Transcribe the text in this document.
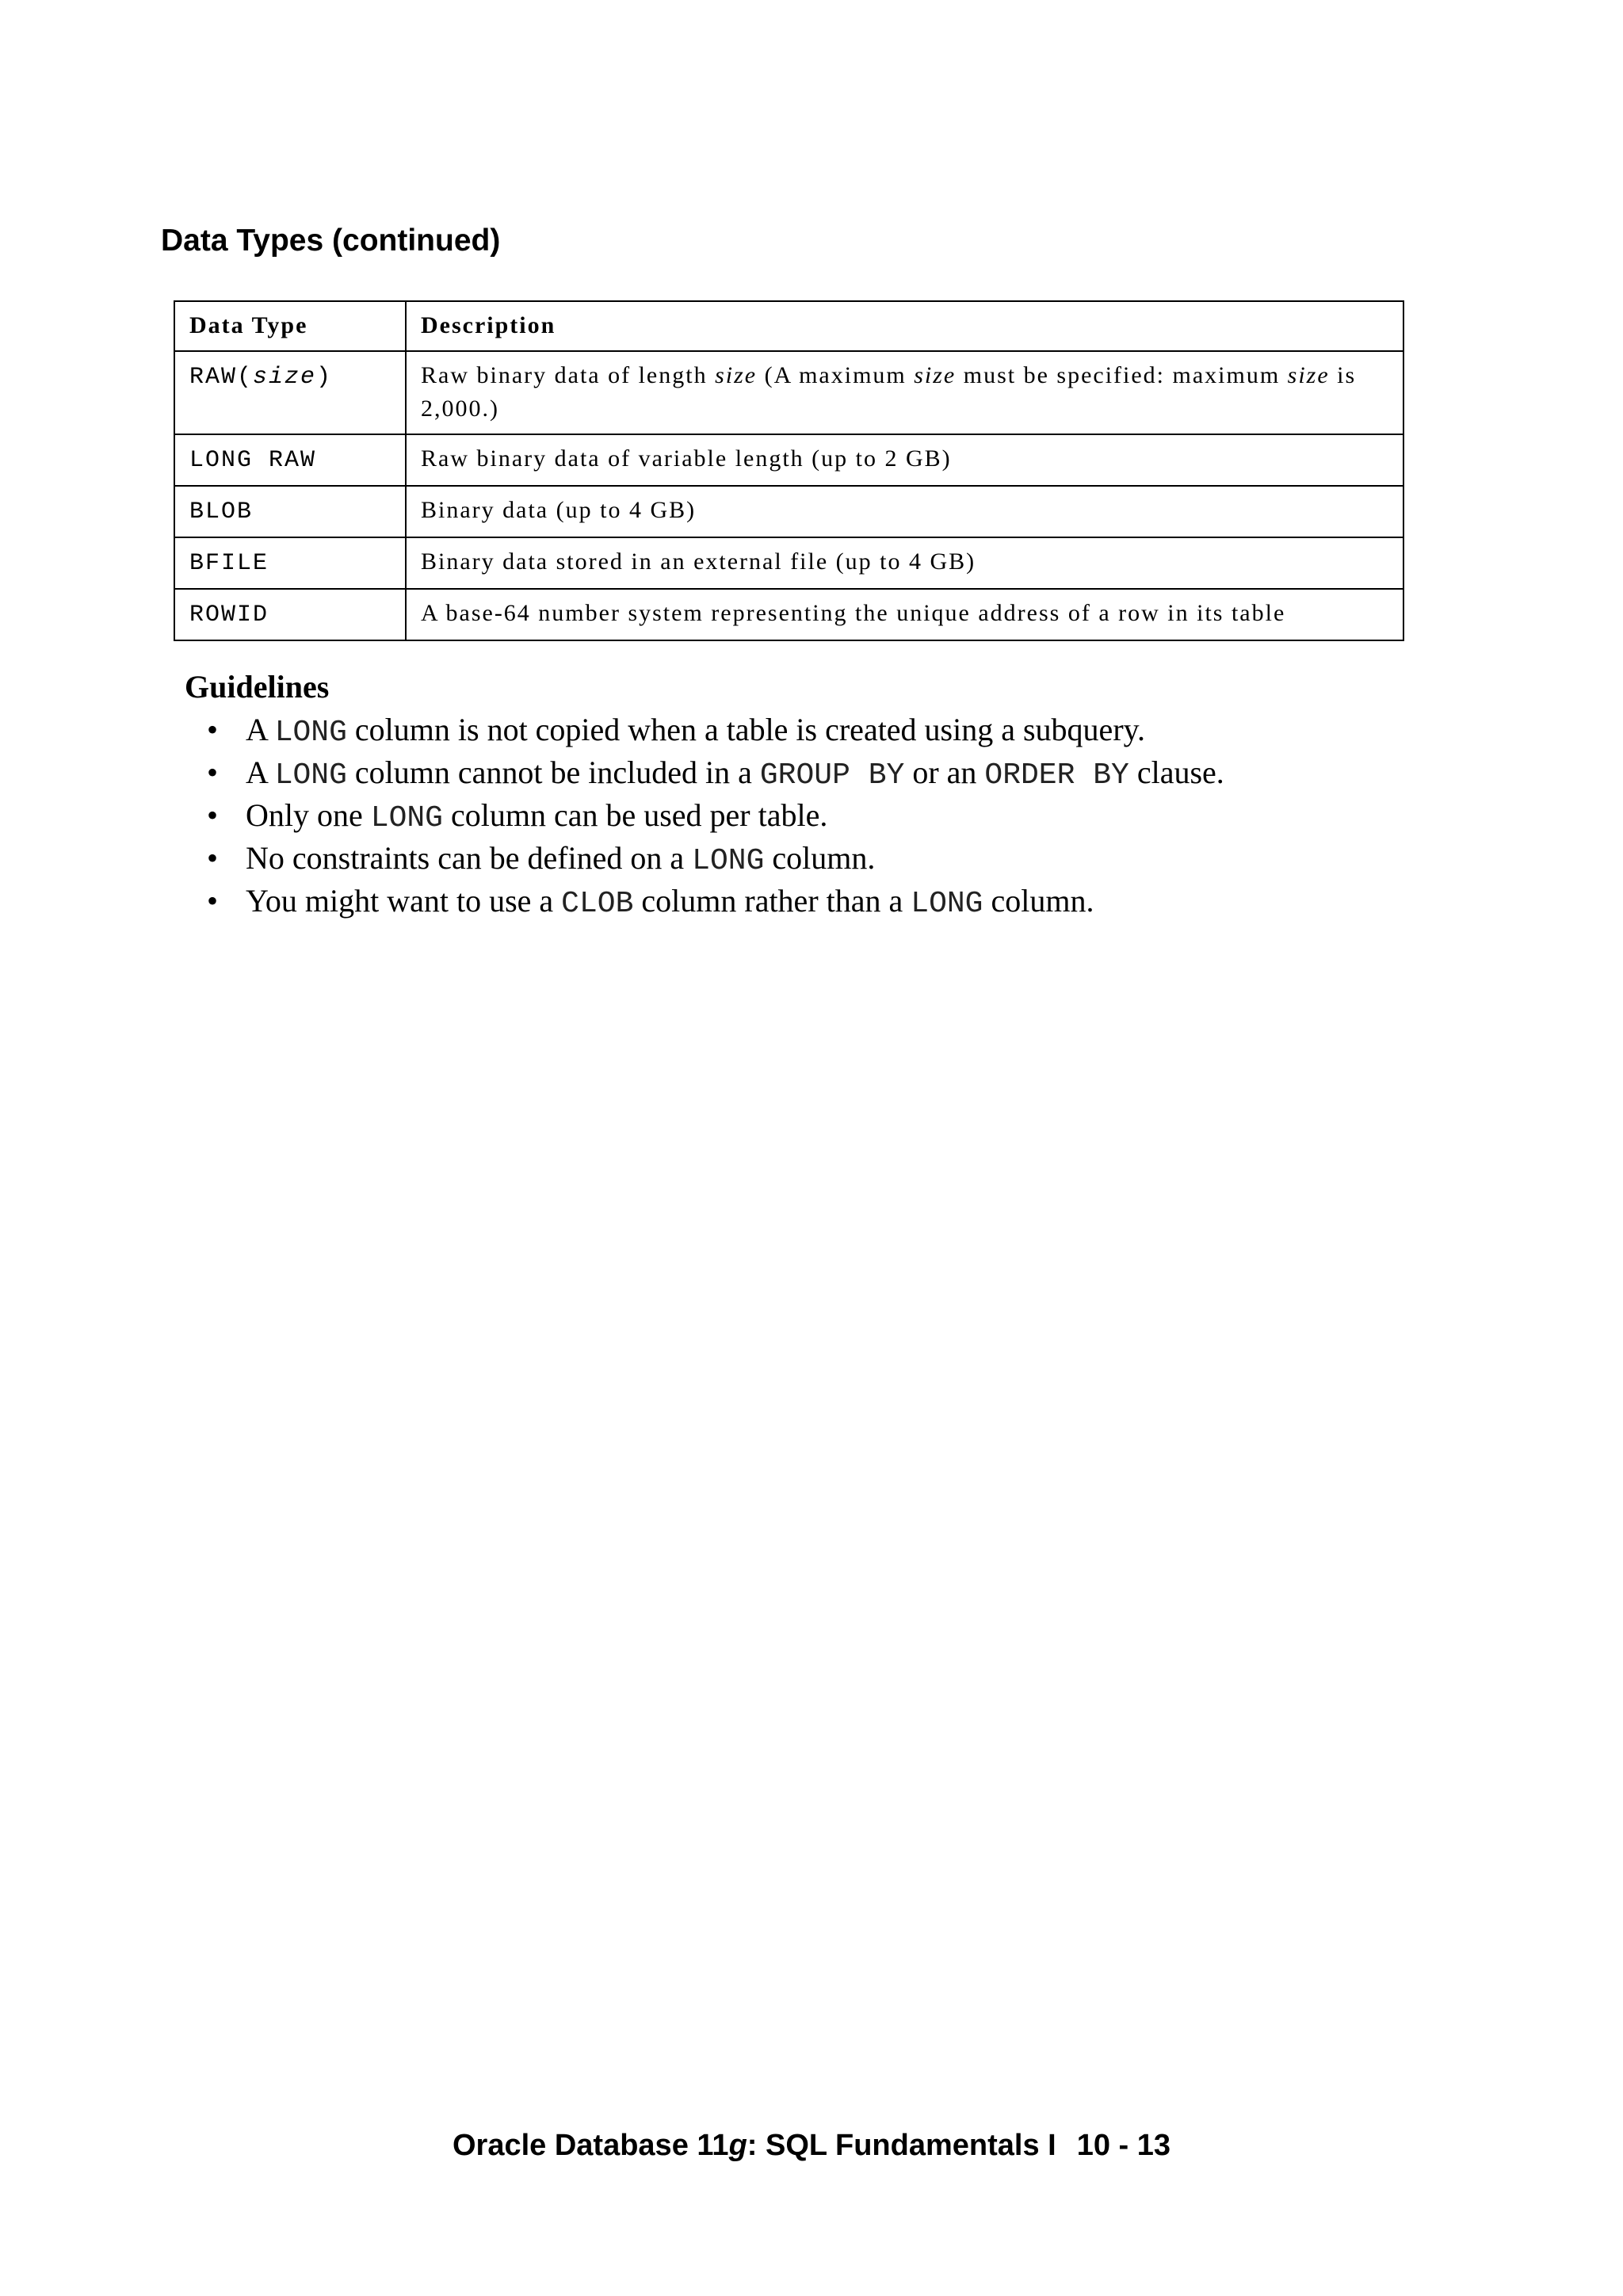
Data Types (continued)
Data Type	Description
RAW(size)	Raw binary data of length size (A maximum size must be specified: maximum size is 2,000.)
LONG RAW	Raw binary data of variable length (up to 2 GB)
BLOB	Binary data (up to 4 GB)
BFILE	Binary data stored in an external file (up to 4 GB)
ROWID	A base-64 number system representing the unique address of a row in its table
Guidelines
• A LONG column is not copied when a table is created using a subquery.
• A LONG column cannot be included in a GROUP BY or an ORDER BY clause.
• Only one LONG column can be used per table.
• No constraints can be defined on a LONG column.
• You might want to use a CLOB column rather than a LONG column.
Oracle Database 11g: SQL Fundamentals I 10 - 13
